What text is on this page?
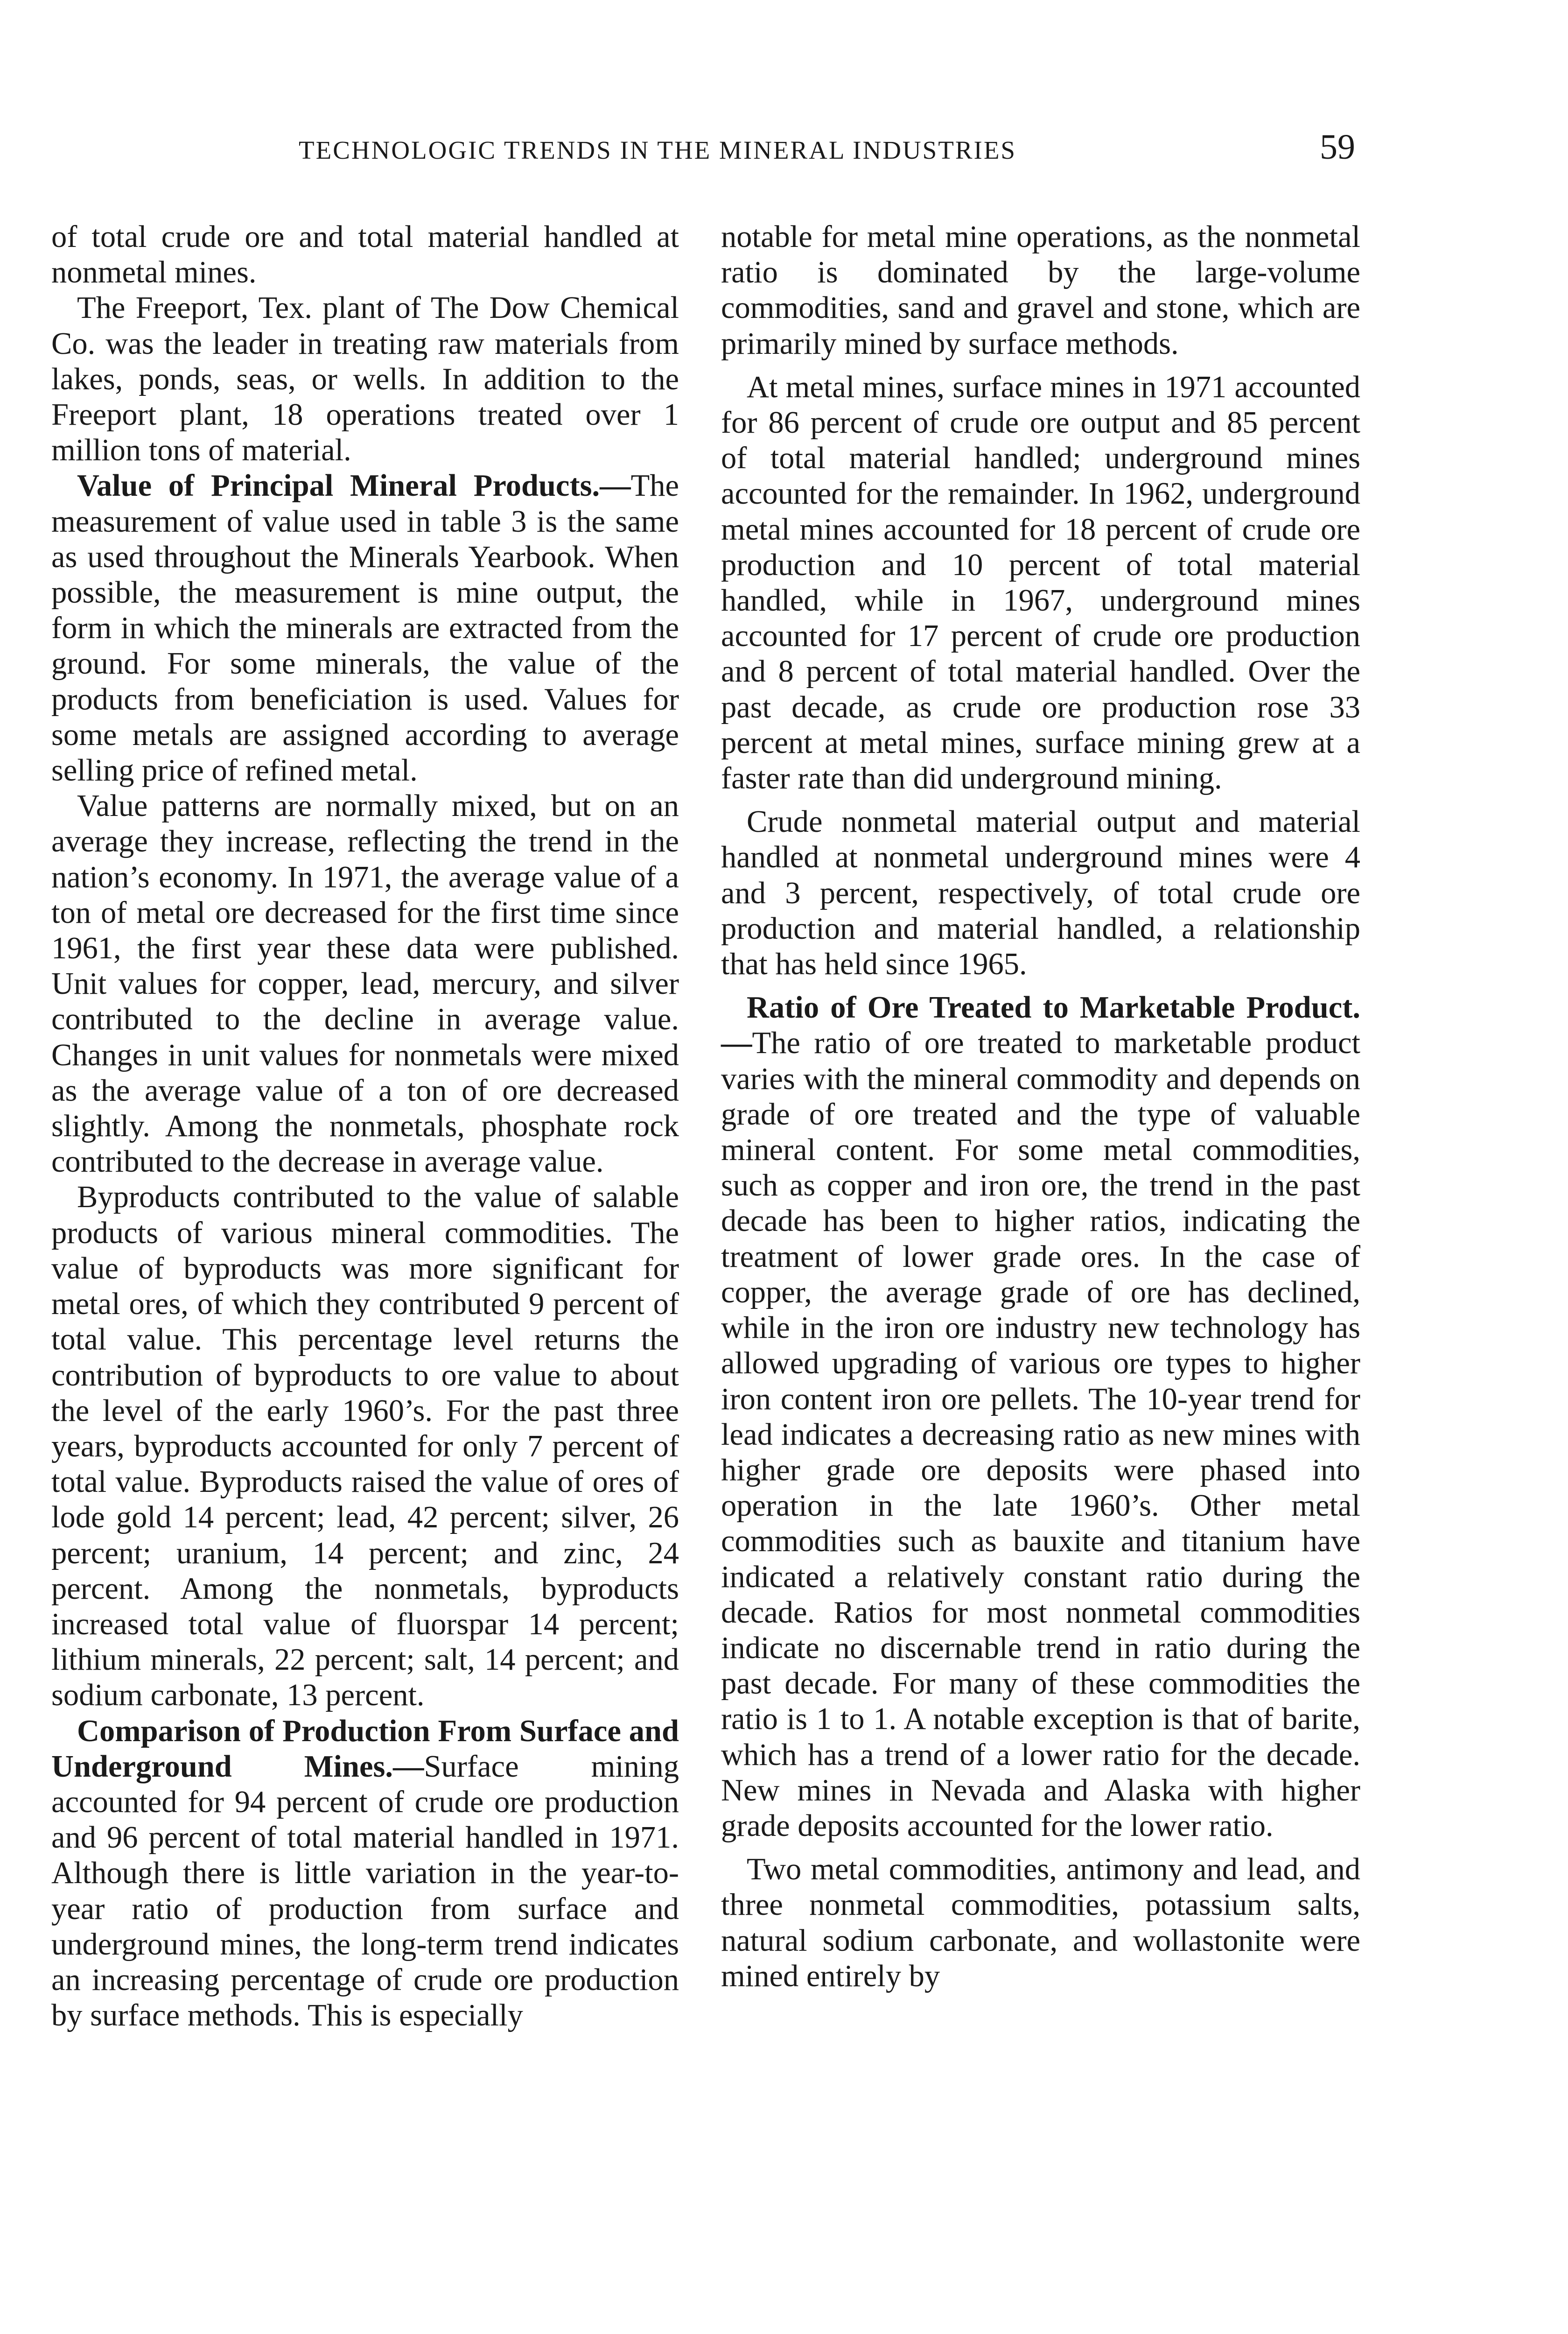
TECHNOLOGIC TRENDS IN THE MINERAL INDUSTRIES	59

of total crude ore and total material handled at nonmetal mines.

The Freeport, Tex. plant of The Dow Chemical Co. was the leader in treating raw materials from lakes, ponds, seas, or wells. In addition to the Freeport plant, 18 operations treated over 1 million tons of material.

Value of Principal Mineral Products.—The measurement of value used in table 3 is the same as used throughout the Minerals Yearbook. When possible, the measurement is mine output, the form in which the minerals are extracted from the ground. For some minerals, the value of the products from beneficiation is used. Values for some metals are assigned according to average selling price of refined metal.

Value patterns are normally mixed, but on an average they increase, reflecting the trend in the nation’s economy. In 1971, the average value of a ton of metal ore decreased for the first time since 1961, the first year these data were published. Unit values for copper, lead, mercury, and silver contributed to the decline in average value. Changes in unit values for nonmetals were mixed as the average value of a ton of ore decreased slightly. Among the nonmetals, phosphate rock contributed to the decrease in average value.

Byproducts contributed to the value of salable products of various mineral commodities. The value of byproducts was more significant for metal ores, of which they contributed 9 percent of total value. This percentage level returns the contribution of byproducts to ore value to about the level of the early 1960’s. For the past three years, byproducts accounted for only 7 percent of total value. Byproducts raised the value of ores of lode gold 14 percent; lead, 42 percent; silver, 26 percent; uranium, 14 percent; and zinc, 24 percent. Among the nonmetals, byproducts increased total value of fluorspar 14 percent; lithium minerals, 22 percent; salt, 14 percent; and sodium carbonate, 13 percent.

Comparison of Production From Surface and Underground Mines.—Surface mining accounted for 94 percent of crude ore production and 96 percent of total material handled in 1971. Although there is little variation in the year-to-year ratio of production from surface and underground mines, the long-term trend indicates an increasing percentage of crude ore production by surface methods. This is especially

notable for metal mine operations, as the nonmetal ratio is dominated by the large-volume commodities, sand and gravel and stone, which are primarily mined by surface methods.

At metal mines, surface mines in 1971 accounted for 86 percent of crude ore output and 85 percent of total material handled; underground mines accounted for the remainder. In 1962, underground metal mines accounted for 18 percent of crude ore production and 10 percent of total material handled, while in 1967, underground mines accounted for 17 percent of crude ore production and 8 percent of total material handled. Over the past decade, as crude ore production rose 33 percent at metal mines, surface mining grew at a faster rate than did underground mining.

Crude nonmetal material output and material handled at nonmetal underground mines were 4 and 3 percent, respectively, of total crude ore production and material handled, a relationship that has held since 1965.

Ratio of Ore Treated to Marketable Product.—The ratio of ore treated to marketable product varies with the mineral commodity and depends on grade of ore treated and the type of valuable mineral content. For some metal commodities, such as copper and iron ore, the trend in the past decade has been to higher ratios, indicating the treatment of lower grade ores. In the case of copper, the average grade of ore has declined, while in the iron ore industry new technology has allowed upgrading of various ore types to higher iron content iron ore pellets. The 10-year trend for lead indicates a decreasing ratio as new mines with higher grade ore deposits were phased into operation in the late 1960’s. Other metal commodities such as bauxite and titanium have indicated a relatively constant ratio during the decade. Ratios for most nonmetal commodities indicate no discernable trend in ratio during the past decade. For many of these commodities the ratio is 1 to 1. A notable exception is that of barite, which has a trend of a lower ratio for the decade. New mines in Nevada and Alaska with higher grade deposits accounted for the lower ratio.

Two metal commodities, antimony and lead, and three nonmetal commodities, potassium salts, natural sodium carbonate, and wollastonite were mined entirely by
